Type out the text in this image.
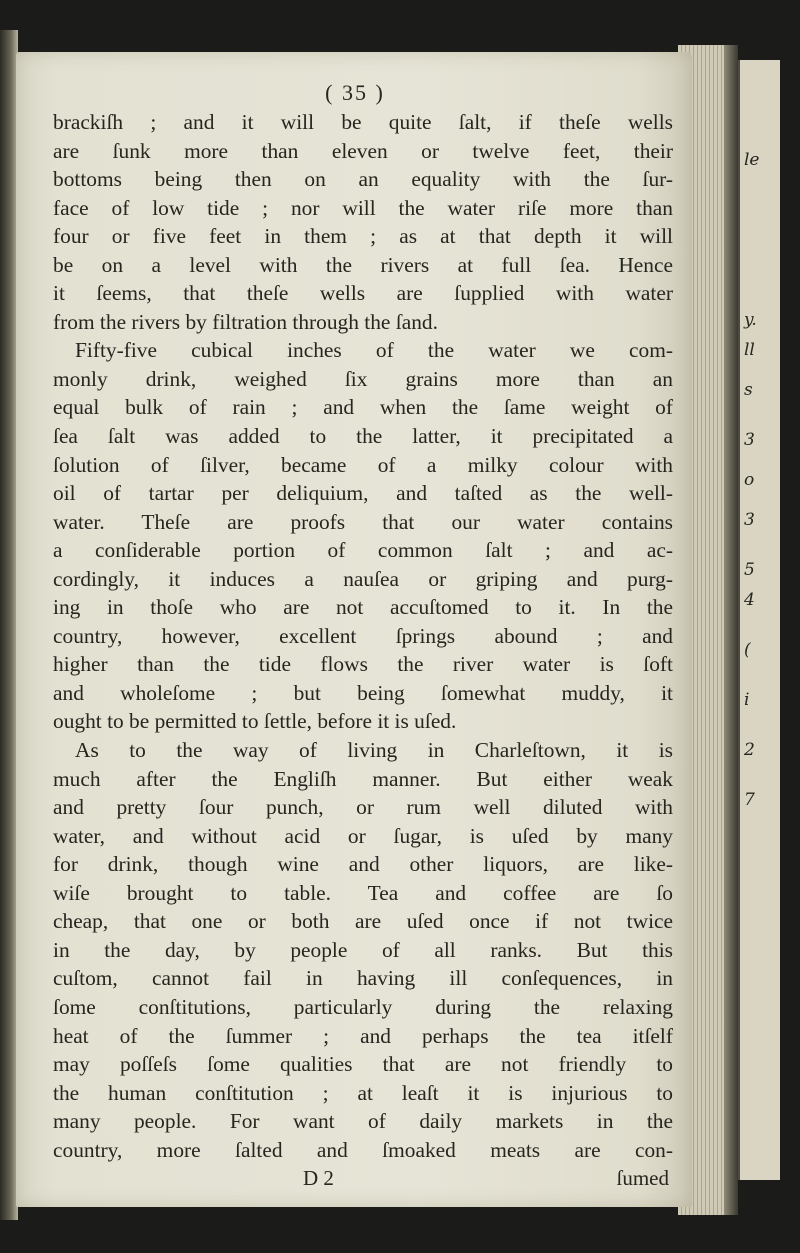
le
y.
ll
s
3
o
3
5
4
(
i
2
7
( 35 )
brackiſh ; and it will be quite ſalt, if theſe wells
are ſunk more than eleven or twelve feet, their
bottoms being then on an equality with the ſur-
face of low tide ; nor will the water riſe more than
four or five feet in them ; as at that depth it will
be on a level with the rivers at full ſea. Hence
it ſeems, that theſe wells are ſupplied with water
from the rivers by filtration through the ſand.
Fifty-five cubical inches of the water we com-
monly drink, weighed ſix grains more than an
equal bulk of rain ; and when the ſame weight of
ſea ſalt was added to the latter, it precipitated a
ſolution of ſilver, became of a milky colour with
oil of tartar per deliquium, and taſted as the well-
water. Theſe are proofs that our water contains
a conſiderable portion of common ſalt ; and ac-
cordingly, it induces a nauſea or griping and purg-
ing in thoſe who are not accuſtomed to it. In the
country, however, excellent ſprings abound ; and
higher than the tide flows the river water is ſoft
and wholeſome ; but being ſomewhat muddy, it
ought to be permitted to ſettle, before it is uſed.
As to the way of living in Charleſtown, it is
much after the Engliſh manner. But either weak
and pretty ſour punch, or rum well diluted with
water, and without acid or ſugar, is uſed by many
for drink, though wine and other liquors, are like-
wiſe brought to table. Tea and coffee are ſo
cheap, that one or both are uſed once if not twice
in the day, by people of all ranks. But this
cuſtom, cannot fail in having ill conſequences, in
ſome conſtitutions, particularly during the relaxing
heat of the ſummer ; and perhaps the tea itſelf
may poſſeſs ſome qualities that are not friendly to
the human conſtitution ; at leaſt it is injurious to
many people. For want of daily markets in the
country, more ſalted and ſmoaked meats are con-
D 2	ſumed
